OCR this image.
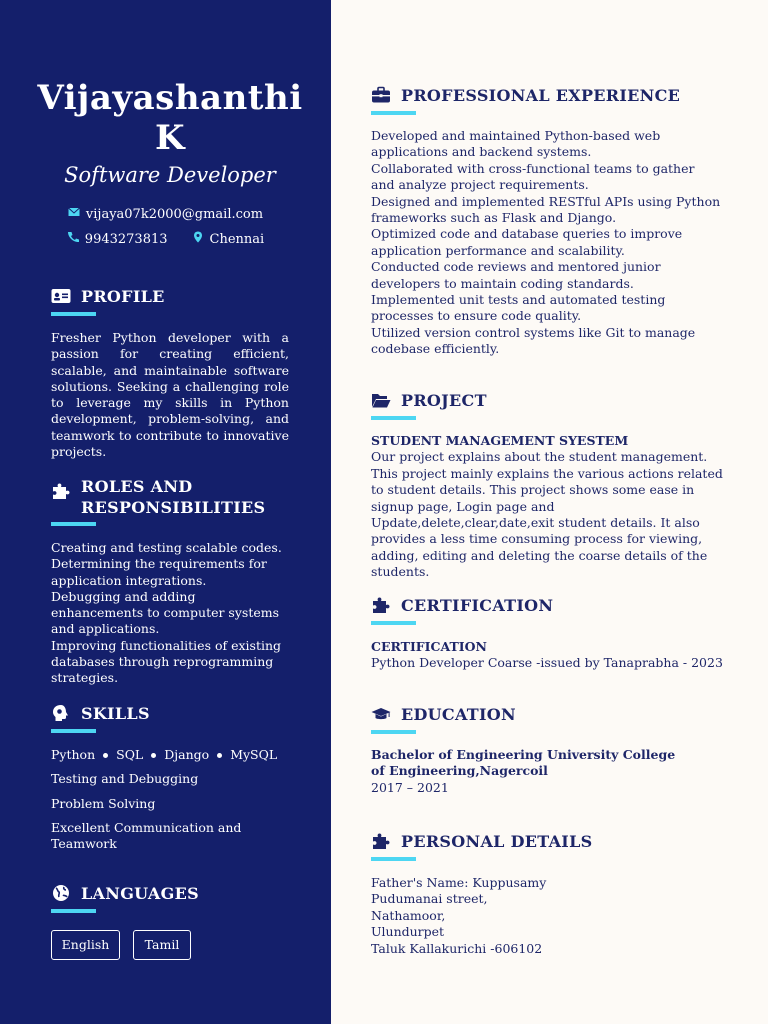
Vijayashanthi K
Software Developer
vijaya07k2000@gmail.com
9943273813	Chennai
PROFILE
Fresher Python developer with a passion for creating efficient, scalable, and maintainable software solutions. Seeking a challenging role to leverage my skills in Python development, problem-solving, and teamwork to contribute to innovative projects.
ROLES AND RESPONSIBILITIES

Creating and testing scalable codes.

Determining the requirements for application integrations.

Debugging and adding enhancements to computer systems and applications.

Improving functionalities of existing databases through reprogramming strategies.

SKILLS
Python SQL Django MySQL
Testing and Debugging
Problem Solving
Excellent Communication and Teamwork
LANGUAGES
English	Tamil
PROFESSIONAL EXPERIENCE

Developed and maintained Python-based web applications and backend systems.

Collaborated with cross-functional teams to gather and analyze project requirements.

Designed and implemented RESTful APIs using Python frameworks such as Flask and Django.

Optimized code and database queries to improve application performance and scalability.

Conducted code reviews and mentored junior developers to maintain coding standards.

Implemented unit tests and automated testing processes to ensure code quality.

Utilized version control systems like Git to manage codebase efficiently.

PROJECT

STUDENT MANAGEMENT SYESTEM

Our project explains about the student management. This project mainly explains the various actions related to student details. This project shows some ease in signup page, Login page and Update,delete,clear,date,exit student details. It also provides a less time consuming process for viewing, adding, editing and deleting the coarse details of the students.

CERTIFICATION

CERTIFICATION

Python Developer Coarse -issued by Tanaprabha - 2023

EDUCATION

Bachelor of Engineering University College of Engineering,Nagercoil

2017 – 2021

PERSONAL DETAILS

Father's Name: Kuppusamy

Pudumanai street,

Nathamoor,

Ulundurpet

Taluk Kallakurichi -606102
